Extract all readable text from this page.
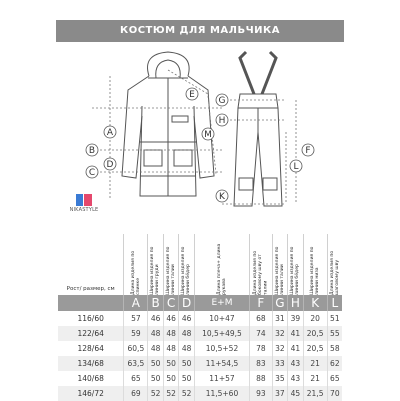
КОСТЮМ ДЛЯ МАЛЬЧИКА
A
B
C
D
E
M
G
H
F
L
K
NIKASTYLE
Рост/ размер, см	Длина изделия по спинке	Ширина изделия по линии груди	Ширина изделия по линии талии	Ширина изделия по линии бёдер	Длина плеча+ длина рукава	Длина изделия по боковому шву от талии	Ширина изделия по линии талии	Ширина изделия по линии бёдер	Ширина изделия по линии низа	Длина изделия по шаговому шву

	A	B	C	D	E+M	F	G	H	K	L
116/60	57	46	46	46	10+47	68	31	39	20	51
122/64	59	48	48	48	10,5+49,5	74	32	41	20,5	55
128/64	60,5	48	48	48	10,5+52	78	32	41	20,5	58
134/68	63,5	50	50	50	11+54,5	83	33	43	21	62
140/68	65	50	50	50	11+57	88	35	43	21	65
146/72	69	52	52	52	11,5+60	93	37	45	21,5	70
